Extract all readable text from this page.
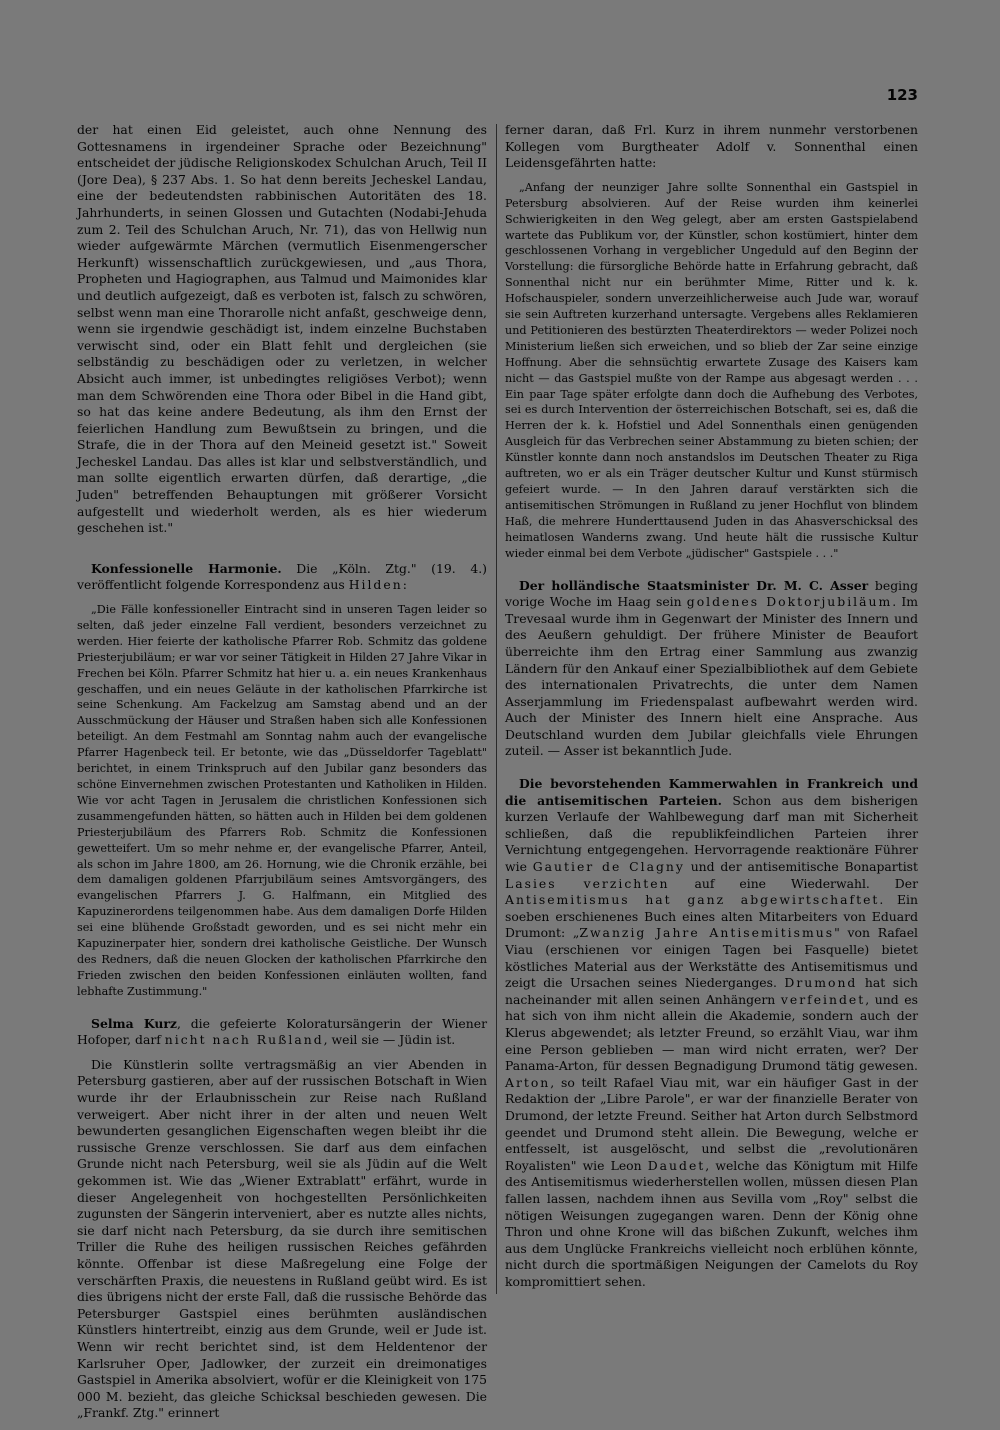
123

der hat einen Eid geleistet, auch ohne Nennung des Gottesnamens in irgendeiner Sprache oder Bezeichnung" entscheidet der jüdische Religionskodex Schulchan Aruch, Teil II (Jore Dea), § 237 Abs. 1. So hat denn bereits Jecheskel Landau, eine der bedeutendsten rabbinischen Autoritäten des 18. Jahrhunderts, in seinen Glossen und Gutachten (Nodabi-Jehuda zum 2. Teil des Schulchan Aruch, Nr. 71), das von Hellwig nun wieder aufgewärmte Märchen (vermutlich Eisenmengerscher Herkunft) wissenschaftlich zurückgewiesen, und „aus Thora, Propheten und Hagiographen, aus Talmud und Maimonides klar und deutlich aufgezeigt, daß es verboten ist, falsch zu schwören, selbst wenn man eine Thorarolle nicht anfaßt, geschweige denn, wenn sie irgendwie geschädigt ist, indem einzelne Buchstaben verwischt sind, oder ein Blatt fehlt und dergleichen (sie selbständig zu beschädigen oder zu verletzen, in welcher Absicht auch immer, ist unbedingtes religiöses Verbot); wenn man dem Schwörenden eine Thora oder Bibel in die Hand gibt, so hat das keine andere Bedeutung, als ihm den Ernst der feierlichen Handlung zum Bewußtsein zu bringen, und die Strafe, die in der Thora auf den Meineid gesetzt ist." Soweit Jecheskel Landau. Das alles ist klar und selbstverständlich, und man sollte eigentlich erwarten dürfen, daß derartige, „die Juden" betreffenden Behauptungen mit größerer Vorsicht aufgestellt und wiederholt werden, als es hier wiederum geschehen ist."

Konfessionelle Harmonie. Die „Köln. Ztg." (19. 4.) veröffentlicht folgende Korrespondenz aus Hilden:

„Die Fälle konfessioneller Eintracht sind in unseren Tagen leider so selten, daß jeder einzelne Fall verdient, besonders verzeichnet zu werden. Hier feierte der katholische Pfarrer Rob. Schmitz das goldene Priesterjubiläum; er war vor seiner Tätigkeit in Hilden 27 Jahre Vikar in Frechen bei Köln. Pfarrer Schmitz hat hier u. a. ein neues Krankenhaus geschaffen, und ein neues Geläute in der katholischen Pfarrkirche ist seine Schenkung. Am Fackelzug am Samstag abend und an der Ausschmückung der Häuser und Straßen haben sich alle Konfessionen beteiligt. An dem Festmahl am Sonntag nahm auch der evangelische Pfarrer Hagenbeck teil. Er betonte, wie das „Düsseldorfer Tageblatt" berichtet, in einem Trinkspruch auf den Jubilar ganz besonders das schöne Einvernehmen zwischen Protestanten und Katholiken in Hilden. Wie vor acht Tagen in Jerusalem die christlichen Konfessionen sich zusammengefunden hätten, so hätten auch in Hilden bei dem goldenen Priesterjubiläum des Pfarrers Rob. Schmitz die Konfessionen gewetteifert. Um so mehr nehme er, der evangelische Pfarrer, Anteil, als schon im Jahre 1800, am 26. Hornung, wie die Chronik erzähle, bei dem damaligen goldenen Pfarrjubiläum seines Amtsvorgängers, des evangelischen Pfarrers J. G. Halfmann, ein Mitglied des Kapuzinerordens teilgenommen habe. Aus dem damaligen Dorfe Hilden sei eine blühende Großstadt geworden, und es sei nicht mehr ein Kapuzinerpater hier, sondern drei katholische Geistliche. Der Wunsch des Redners, daß die neuen Glocken der katholischen Pfarrkirche den Frieden zwischen den beiden Konfessionen einläuten wollten, fand lebhafte Zustimmung."

Selma Kurz, die gefeierte Koloratursängerin der Wiener Hofoper, darf nicht nach Rußland, weil sie — Jüdin ist.

Die Künstlerin sollte vertragsmäßig an vier Abenden in Petersburg gastieren, aber auf der russischen Botschaft in Wien wurde ihr der Erlaubnisschein zur Reise nach Rußland verweigert. Aber nicht ihrer in der alten und neuen Welt bewunderten gesanglichen Eigenschaften wegen bleibt ihr die russische Grenze verschlossen. Sie darf aus dem einfachen Grunde nicht nach Petersburg, weil sie als Jüdin auf die Welt gekommen ist. Wie das „Wiener Extrablatt" erfährt, wurde in dieser Angelegenheit von hochgestellten Persönlichkeiten zugunsten der Sängerin interveniert, aber es nutzte alles nichts, sie darf nicht nach Petersburg, da sie durch ihre semitischen Triller die Ruhe des heiligen russischen Reiches gefährden könnte. Offenbar ist diese Maßregelung eine Folge der verschärften Praxis, die neuestens in Rußland geübt wird. Es ist dies übrigens nicht der erste Fall, daß die russische Behörde das Petersburger Gastspiel eines berühmten ausländischen Künstlers hintertreibt, einzig aus dem Grunde, weil er Jude ist. Wenn wir recht berichtet sind, ist dem Heldentenor der Karlsruher Oper, Jadlowker, der zurzeit ein dreimonatiges Gastspiel in Amerika absolviert, wofür er die Kleinigkeit von 175 000 M. bezieht, das gleiche Schicksal beschieden gewesen. Die „Frankf. Ztg." erinnert

ferner daran, daß Frl. Kurz in ihrem nunmehr verstorbenen Kollegen vom Burgtheater Adolf v. Sonnenthal einen Leidensgefährten hatte:

„Anfang der neunziger Jahre sollte Sonnenthal ein Gastspiel in Petersburg absolvieren. Auf der Reise wurden ihm keinerlei Schwierigkeiten in den Weg gelegt, aber am ersten Gastspielabend wartete das Publikum vor, der Künstler, schon kostümiert, hinter dem geschlossenen Vorhang in vergeblicher Ungeduld auf den Beginn der Vorstellung: die fürsorgliche Behörde hatte in Erfahrung gebracht, daß Sonnenthal nicht nur ein berühmter Mime, Ritter und k. k. Hofschauspieler, sondern unverzeihlicherweise auch Jude war, worauf sie sein Auftreten kurzerhand untersagte. Vergebens alles Reklamieren und Petitionieren des bestürzten Theaterdirektors — weder Polizei noch Ministerium ließen sich erweichen, und so blieb der Zar seine einzige Hoffnung. Aber die sehnsüchtig erwartete Zusage des Kaisers kam nicht — das Gastspiel mußte von der Rampe aus abgesagt werden . . . Ein paar Tage später erfolgte dann doch die Aufhebung des Verbotes, sei es durch Intervention der österreichischen Botschaft, sei es, daß die Herren der k. k. Hofstiel und Adel Sonnenthals einen genügenden Ausgleich für das Verbrechen seiner Abstammung zu bieten schien; der Künstler konnte dann noch anstandslos im Deutschen Theater zu Riga auftreten, wo er als ein Träger deutscher Kultur und Kunst stürmisch gefeiert wurde. — In den Jahren darauf verstärkten sich die antisemitischen Strömungen in Rußland zu jener Hochflut von blindem Haß, die mehrere Hunderttausend Juden in das Ahasverschicksal des heimatlosen Wanderns zwang. Und heute hält die russische Kultur wieder einmal bei dem Verbote „jüdischer" Gastspiele . . ."

Der holländische Staatsminister Dr. M. C. Asser beging vorige Woche im Haag sein goldenes Doktorjubiläum. Im Trevesaal wurde ihm in Gegenwart der Minister des Innern und des Aeußern gehuldigt. Der frühere Minister de Beaufort überreichte ihm den Ertrag einer Sammlung aus zwanzig Ländern für den Ankauf einer Spezialbibliothek auf dem Gebiete des internationalen Privatrechts, die unter dem Namen Asserjammlung im Friedenspalast aufbewahrt werden wird. Auch der Minister des Innern hielt eine Ansprache. Aus Deutschland wurden dem Jubilar gleichfalls viele Ehrungen zuteil. — Asser ist bekanntlich Jude.

Die bevorstehenden Kammerwahlen in Frankreich und die antisemitischen Parteien. Schon aus dem bisherigen kurzen Verlaufe der Wahlbewegung darf man mit Sicherheit schließen, daß die republikfeindlichen Parteien ihrer Vernichtung entgegengehen. Hervorragende reaktionäre Führer wie Gautier de Clagny und der antisemitische Bonapartist Lasies verzichten auf eine Wiederwahl. Der Antisemitismus hat ganz abgewirtschaftet. Ein soeben erschienenes Buch eines alten Mitarbeiters von Eduard Drumont: „Zwanzig Jahre Antisemitismus" von Rafael Viau (erschienen vor einigen Tagen bei Fasquelle) bietet köstliches Material aus der Werkstätte des Antisemitismus und zeigt die Ursachen seines Niederganges. Drumond hat sich nacheinander mit allen seinen Anhängern verfeindet, und es hat sich von ihm nicht allein die Akademie, sondern auch der Klerus abgewendet; als letzter Freund, so erzählt Viau, war ihm eine Person geblieben — man wird nicht erraten, wer? Der Panama-Arton, für dessen Begnadigung Drumond tätig gewesen. Arton, so teilt Rafael Viau mit, war ein häufiger Gast in der Redaktion der „Libre Parole", er war der finanzielle Berater von Drumond, der letzte Freund. Seither hat Arton durch Selbstmord geendet und Drumond steht allein. Die Bewegung, welche er entfesselt, ist ausgelöscht, und selbst die „revolutionären Royalisten" wie Leon Daudet, welche das Königtum mit Hilfe des Antisemitismus wiederherstellen wollen, müssen diesen Plan fallen lassen, nachdem ihnen aus Sevilla vom „Roy" selbst die nötigen Weisungen zugegangen waren. Denn der König ohne Thron und ohne Krone will das bißchen Zukunft, welches ihm aus dem Unglücke Frankreichs vielleicht noch erblühen könnte, nicht durch die sportmäßigen Neigungen der Camelots du Roy kompromittiert sehen.
